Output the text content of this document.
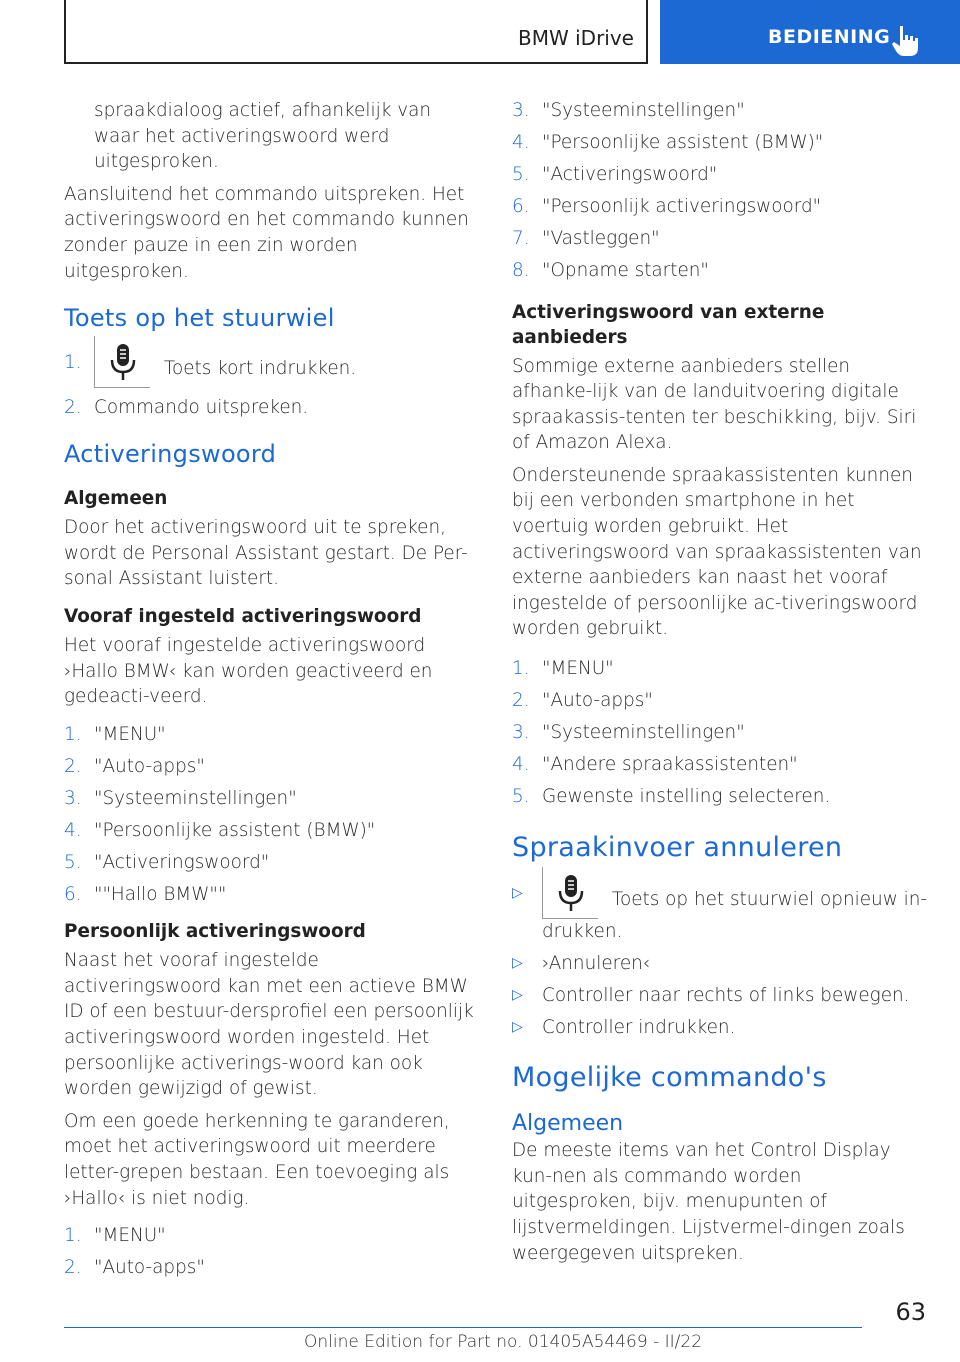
BMW iDrive	BEDIENING

spraakdialoog actief, afhankelijk van waar het activeringswoord werd uitgesproken.

Aansluitend het commando uitspreken. Het activeringswoord en het commando kunnen zonder pauze in een zin worden uitgesproken.

Toets op het stuurwiel
1.	Toets kort indrukken.
2. Commando uitspreken.
Activeringswoord
Algemeen

Door het activeringswoord uit te spreken, wordt de Personal Assistant gestart. De Per-sonal Assistant luistert.

Vooraf ingesteld activeringswoord

Het vooraf ingestelde activeringswoord ›Hallo BMW‹ kan worden geactiveerd en gedeacti-veerd.

1. "MENU"
2. "Auto-apps"
3. "Systeeminstellingen"
4. "Persoonlijke assistent (BMW)"
5. "Activeringswoord"
6. ""Hallo BMW""
Persoonlijk activeringswoord

Naast het vooraf ingestelde activeringswoord kan met een actieve BMW ID of een bestuur-dersprofiel een persoonlijk activeringswoord worden ingesteld. Het persoonlijke activerings-woord kan ook worden gewijzigd of gewist.

Om een goede herkenning te garanderen, moet het activeringswoord uit meerdere letter-grepen bestaan. Een toevoeging als ›Hallo‹ is niet nodig.

1. "MENU"
2. "Auto-apps"
3. "Systeeminstellingen"
4. "Persoonlijke assistent (BMW)"
5. "Activeringswoord"
6. "Persoonlijk activeringswoord"
7. "Vastleggen"
8. "Opname starten"
Activeringswoord van externe aanbieders

Sommige externe aanbieders stellen afhanke-lijk van de landuitvoering digitale spraakassis-tenten ter beschikking, bijv. Siri of Amazon Alexa.

Ondersteunende spraakassistenten kunnen bij een verbonden smartphone in het voertuig worden gebruikt. Het activeringswoord van spraakassistenten van externe aanbieders kan naast het vooraf ingestelde of persoonlijke ac-tiveringswoord worden gebruikt.

1. "MENU"
2. "Auto-apps"
3. "Systeeminstellingen"
4. "Andere spraakassistenten"
5. Gewenste instelling selecteren.
Spraakinvoer annuleren
▷	Toets op het stuurwiel opnieuw in-drukken.
▷ ›Annuleren‹
▷ Controller naar rechts of links bewegen.
▷ Controller indrukken.
Mogelijke commando's
Algemeen

De meeste items van het Control Display kun-nen als commando worden uitgesproken, bijv. menupunten of lijstvermeldingen. Lijstvermel-dingen zoals weergegeven uitspreken.

63
Online Edition for Part no. 01405A54469 - II/22
